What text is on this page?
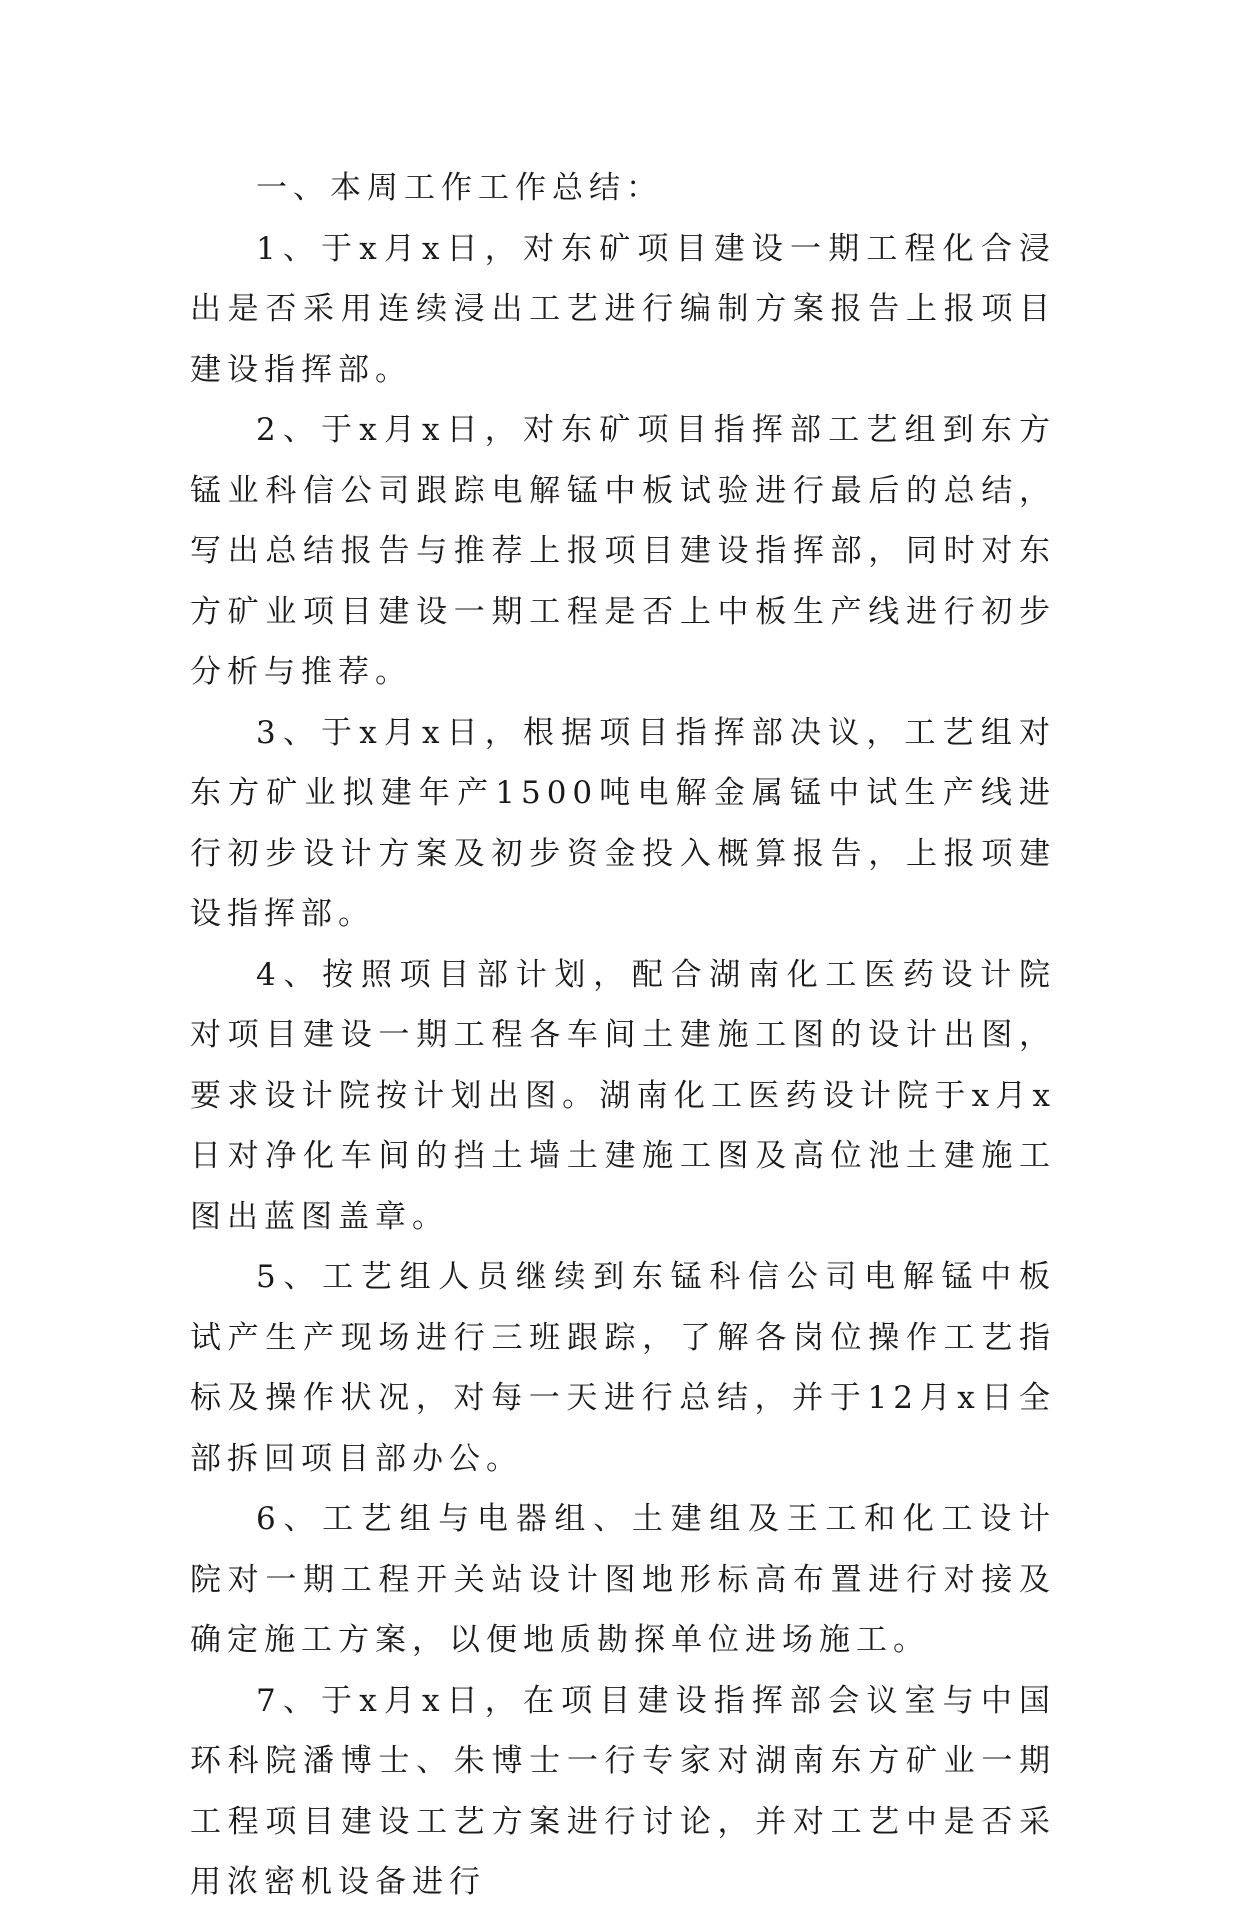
一、本周工作工作总结：

1、于x月x日，对东矿项目建设一期工程化合浸出是否采用连续浸出工艺进行编制方案报告上报项目建设指挥部。

2、于x月x日，对东矿项目指挥部工艺组到东方锰业科信公司跟踪电解锰中板试验进行最后的总结，写出总结报告与推荐上报项目建设指挥部，同时对东方矿业项目建设一期工程是否上中板生产线进行初步分析与推荐。

3、于x月x日，根据项目指挥部决议，工艺组对东方矿业拟建年产1500吨电解金属锰中试生产线进行初步设计方案及初步资金投入概算报告，上报项建设指挥部。

4、按照项目部计划，配合湖南化工医药设计院对项目建设一期工程各车间土建施工图的设计出图，要求设计院按计划出图。湖南化工医药设计院于x月x日对净化车间的挡土墙土建施工图及高位池土建施工图出蓝图盖章。

5、工艺组人员继续到东锰科信公司电解锰中板试产生产现场进行三班跟踪，了解各岗位操作工艺指标及操作状况，对每一天进行总结，并于12月x日全部拆回项目部办公。

6、工艺组与电器组、土建组及王工和化工设计院对一期工程开关站设计图地形标高布置进行对接及确定施工方案，以便地质勘探单位进场施工。

7、于x月x日，在项目建设指挥部会议室与中国环科院潘博士、朱博士一行专家对湖南东方矿业一期工程项目建设工艺方案进行讨论，并对工艺中是否采用浓密机设备进行
